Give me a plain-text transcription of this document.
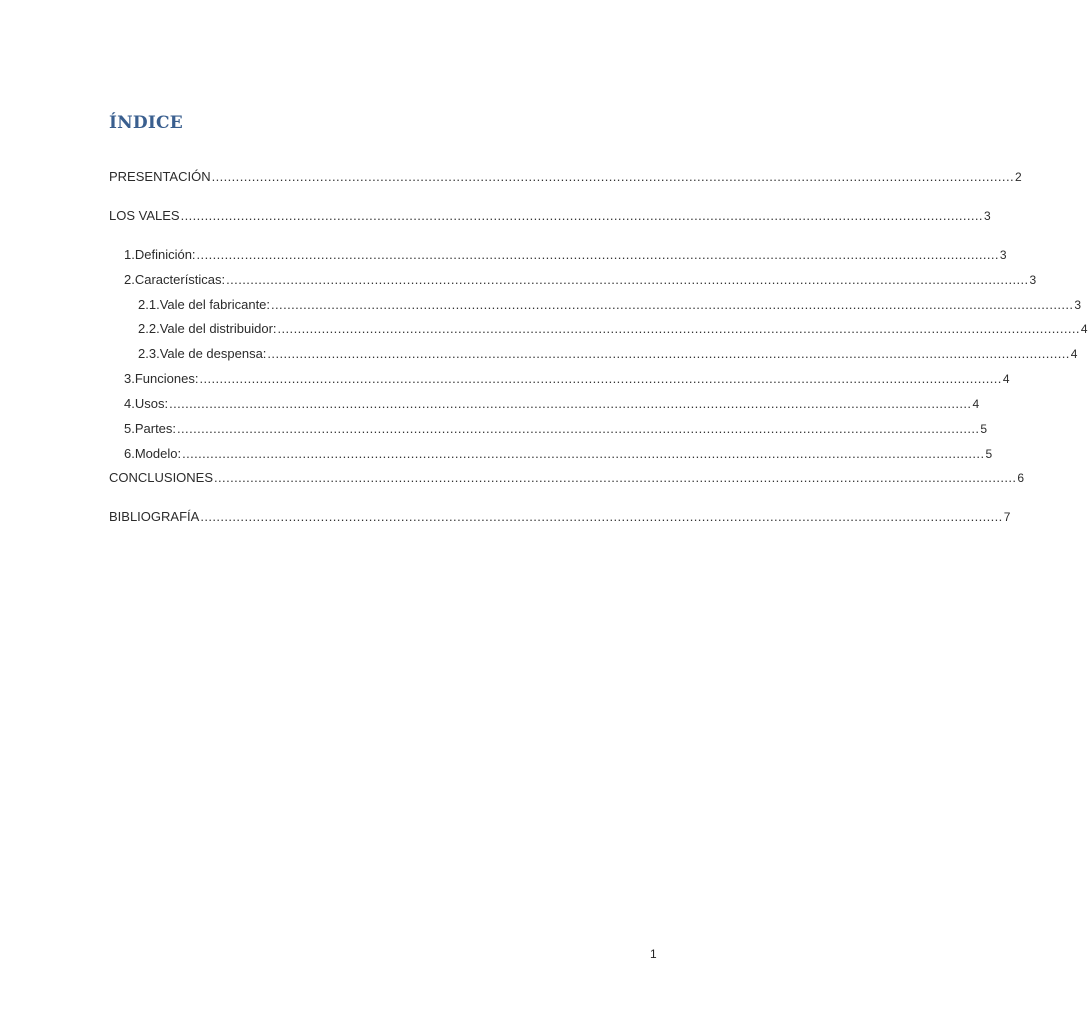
ÍNDICE
PRESENTACIÓN ........................................................................................................................................................................................................ 2
LOS VALES ........................................................................................................................................................................................................ 3
1. Definición: ........................................................................................................................................................................................................ 3
2. Características: ........................................................................................................................................................................................................ 3
2.1. Vale del fabricante: ........................................................................................................................................................................................................ 3
2.2. Vale del distribuidor: ........................................................................................................................................................................................................ 4
2.3. Vale de despensa: ........................................................................................................................................................................................................ 4
3. Funciones: ........................................................................................................................................................................................................ 4
4. Usos: ........................................................................................................................................................................................................ 4
5. Partes: ........................................................................................................................................................................................................ 5
6. Modelo: ........................................................................................................................................................................................................ 5
CONCLUSIONES ........................................................................................................................................................................................................ 6
BIBLIOGRAFÍA ........................................................................................................................................................................................................ 7
1
